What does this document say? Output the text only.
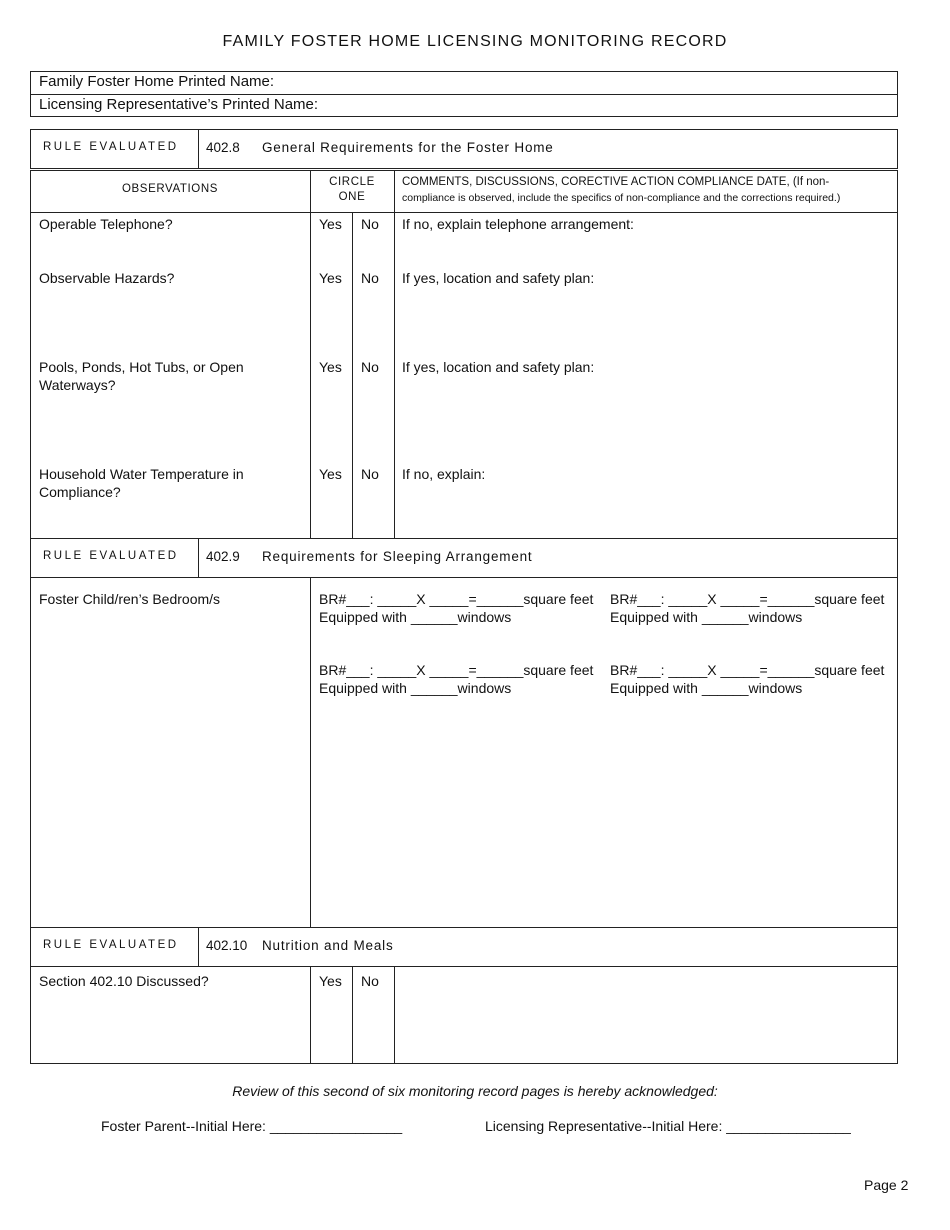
FAMILY FOSTER HOME LICENSING MONITORING RECORD
Family Foster Home Printed Name:
Licensing Representative’s Printed Name:
RULE EVALUATED 402.8 General Requirements for the Foster Home
OBSERVATIONS
CIRCLE
ONE
COMMENTS, DISCUSSIONS, CORECTIVE ACTION COMPLIANCE DATE, (If non-
compliance is observed, include the specifics of non-compliance and the corrections required.)
Operable Telephone?	Yes No If no, explain telephone arrangement:
Observable Hazards?	Yes No If yes, location and safety plan:
Pools, Ponds, Hot Tubs, or Open
Waterways?
Yes No If yes, location and safety plan:
Household Water Temperature in
Compliance?
Yes No If no, explain:
RULE EVALUATED 402.9 Requirements for Sleeping Arrangement
Foster Child/ren’s Bedroom/s	BR#___: _____X _____=______square feet
Equipped with ______windows
BR#___: _____X _____=______square feet
Equipped with ______windows
BR#___: _____X _____=______square feet
Equipped with ______windows
BR#___: _____X _____=______square feet
Equipped with ______windows
RULE EVALUATED 402.10 Nutrition and Meals
Section 402.10 Discussed?	Yes No
Review of this second of six monitoring record pages is hereby acknowledged:
Foster Parent--Initial Here: _________________	Licensing Representative--Initial Here: ________________
Page 2
